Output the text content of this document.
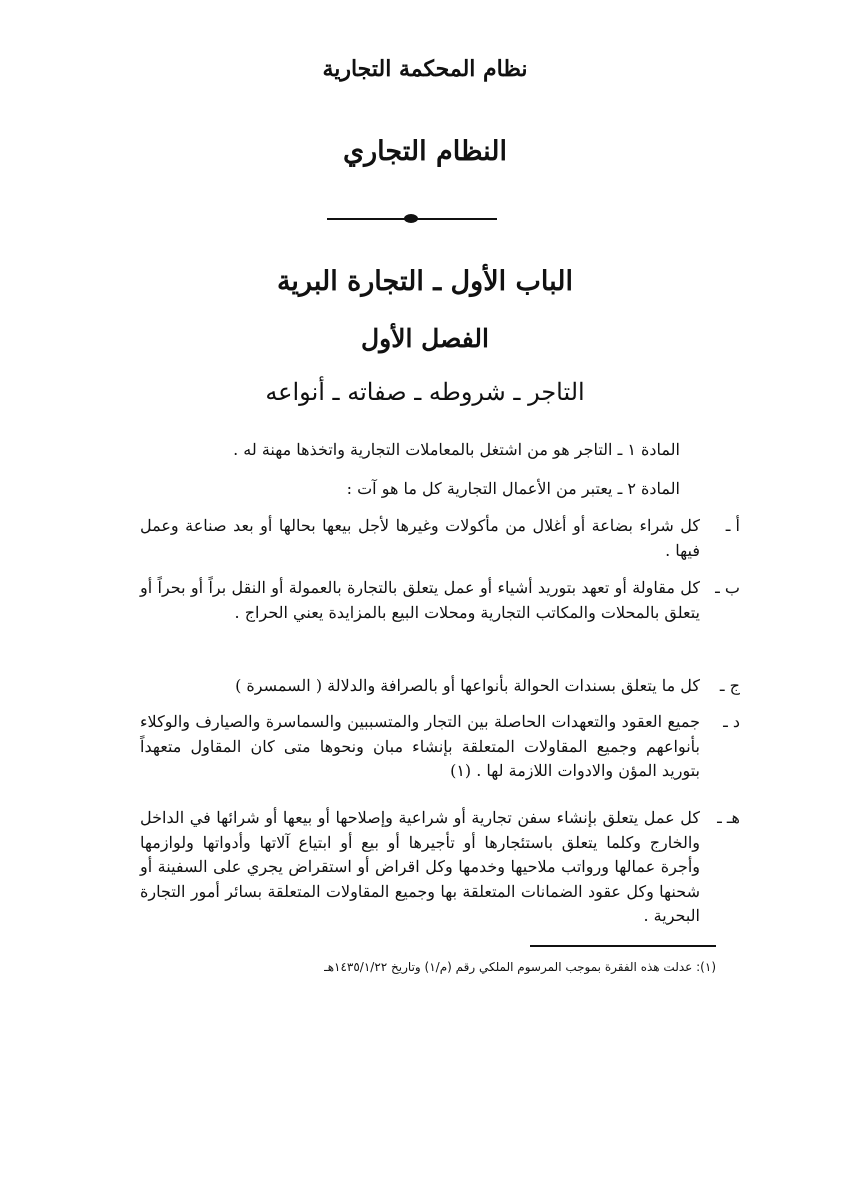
نظام المحكمة التجارية
النظام التجاري
الباب الأول ـ التجارة البرية
الفصل الأول
التاجر ـ شروطه ـ صفاته ـ أنواعه
المادة ١ ـ التاجر هو من اشتغل بالمعاملات التجارية واتخذها مهنة له .
المادة ٢ ـ يعتبر من الأعمال التجارية كل ما هو آت :
أ ـ
كل شراء بضاعة أو أغلال من مأكولات وغيرها لأجل بيعها بحالها أو بعد صناعة وعمل فيها .
ب ـ
كل مقاولة أو تعهد بتوريد أشياء أو عمل يتعلق بالتجارة بالعمولة أو النقل براً أو بحراً أو يتعلق بالمحلات والمكاتب التجارية ومحلات البيع بالمزايدة يعني الحراج .
ج ـ
كل ما يتعلق بسندات الحوالة بأنواعها أو بالصرافة والدلالة ( السمسرة )
د ـ
جميع العقود والتعهدات الحاصلة بين التجار والمتسببين والسماسرة والصيارف والوكلاء بأنواعهم وجميع المقاولات المتعلقة بإنشاء مبان ونحوها متى كان المقاول متعهداً بتوريد المؤن والادوات اللازمة لها . (١)
هـ ـ
كل عمل يتعلق بإنشاء سفن تجارية أو شراعية وإصلاحها أو بيعها أو شرائها في الداخل والخارج وكلما يتعلق باستئجارها أو تأجيرها أو بيع أو ابتياع آلاتها وأدواتها ولوازمها وأجرة عمالها ورواتب ملاحيها وخدمها وكل اقراض أو استقراض يجري على السفينة أو شحنها وكل عقود الضمانات المتعلقة بها وجميع المقاولات المتعلقة بسائر أمور التجارة البحرية .
(١): عدلت هذه الفقرة بموجب المرسوم الملكي رقم (م/١) وتاريخ ١٤٣٥/١/٢٢هـ
